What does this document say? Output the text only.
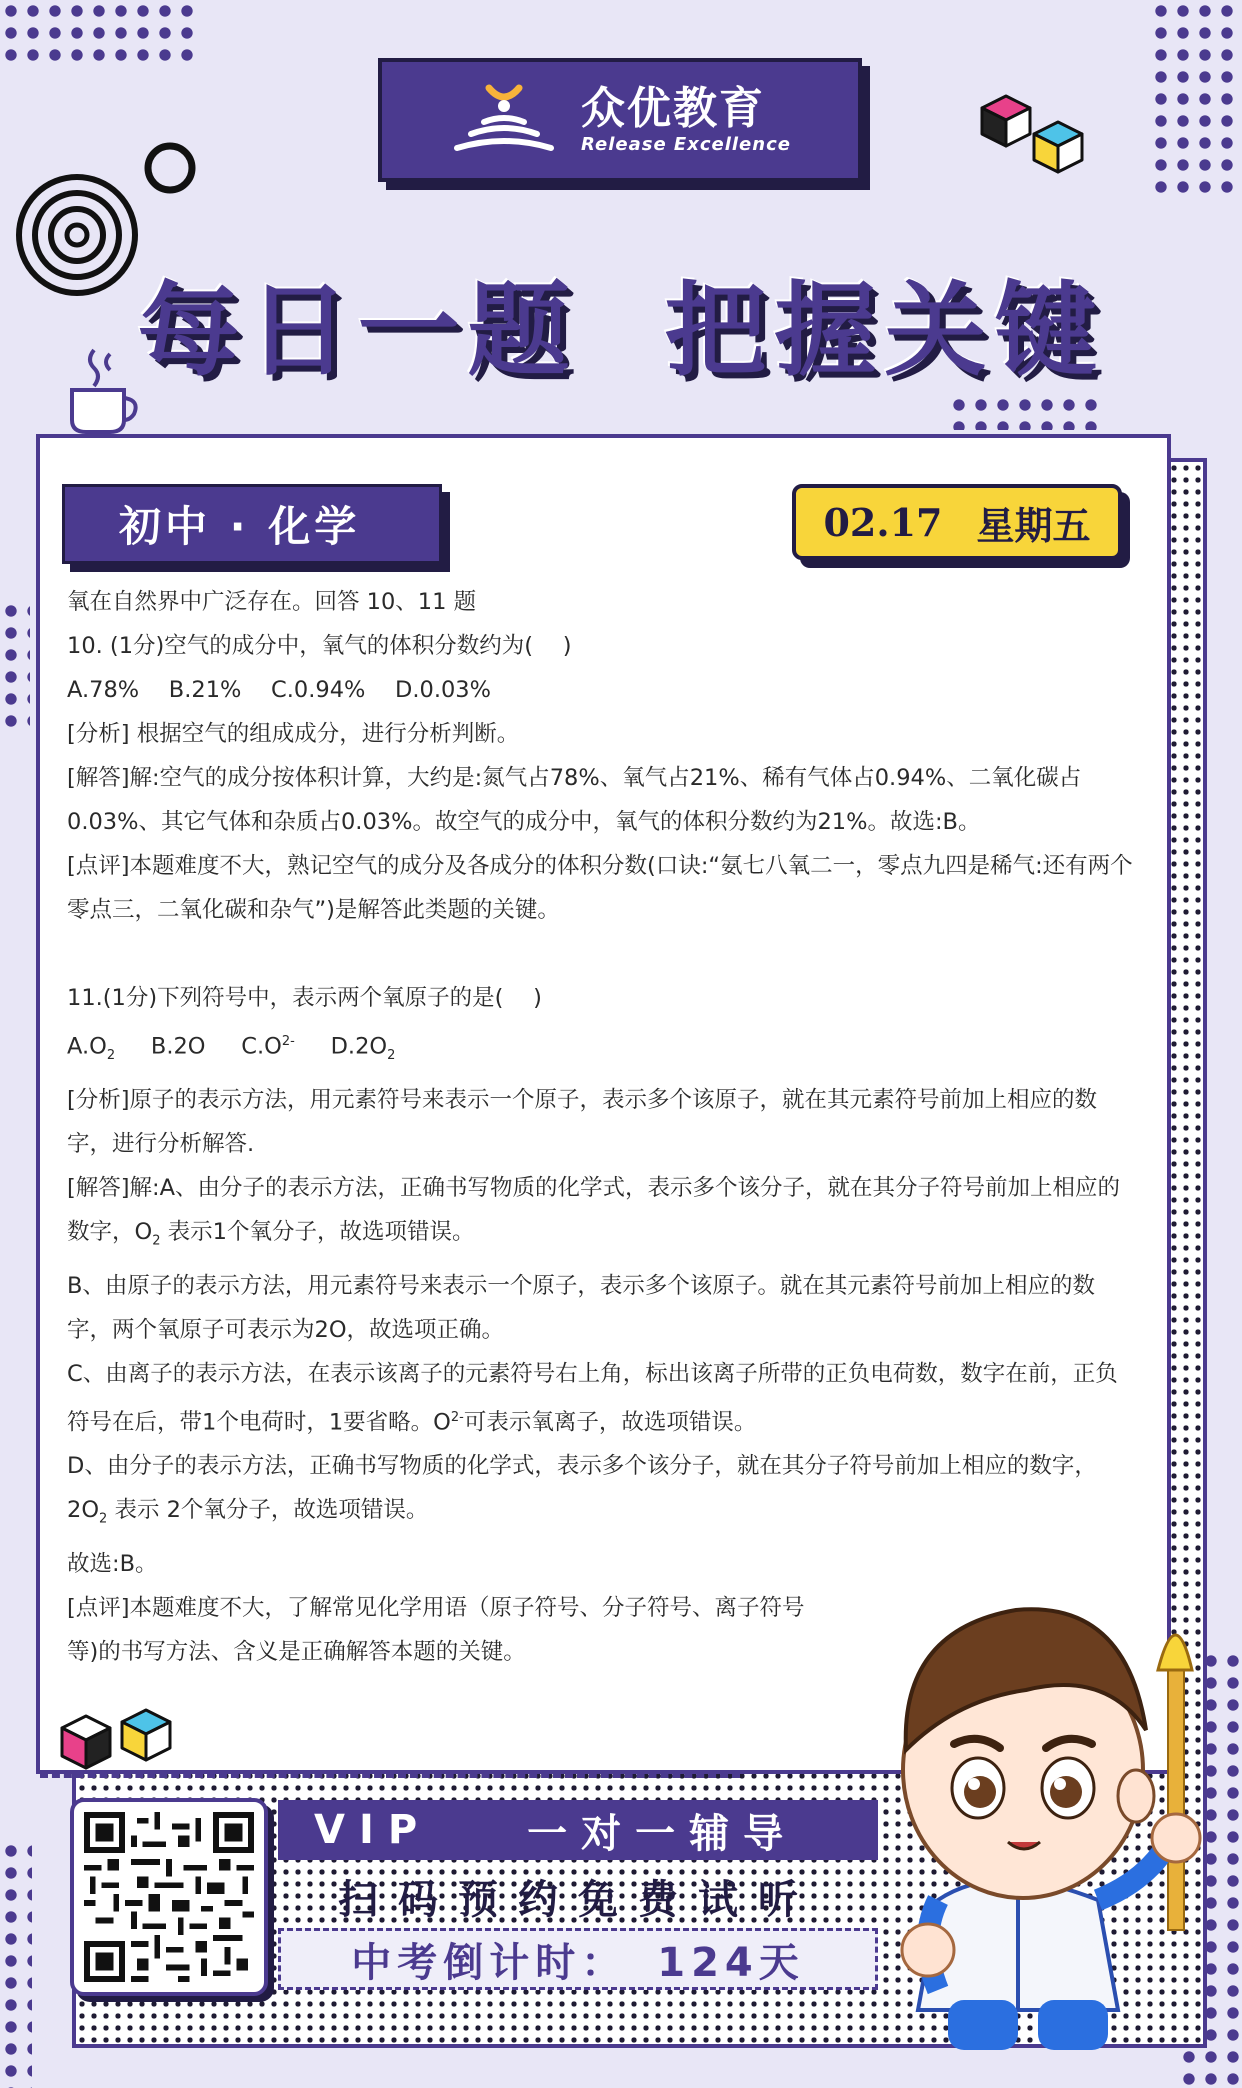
众优教育
Release Excellence
每日一题  把握关键
初中 · 化学	02.17 星期五

氧在自然界中广泛存在。回答 10、11 题

10. (1分)空气的成分中，氧气的体积分数约为(　 )

A.78%　 B.21%　 C.0.94%　 D.0.03%

[分析] 根据空气的组成成分，进行分析判断。

[解答]解:空气的成分按体积计算，大约是:氮气占78%、氧气占21%、稀有气体占0.94%、二氧化碳占0.03%、其它气体和杂质占0.03%。故空气的成分中，氧气的体积分数约为21%。故选:B。

[点评]本题难度不大，熟记空气的成分及各成分的体积分数(口诀:“氨七八氧二一，零点九四是稀气:还有两个零点三，二氧化碳和杂气”)是解答此类题的关键。

11.(1分)下列符号中，表示两个氧原子的是(　 )

$A.O_2$ B.2O $C.O^{2-}$ $D.2O_2$

[分析]原子的表示方法，用元素符号来表示一个原子，表示多个该原子，就在其元素符号前加上相应的数字，进行分析解答.

[解答]解:A、由分子的表示方法，正确书写物质的化学式，表示多个该分子，就在其分子符号前加上相应的数字，$O_2$ 表示1个氧分子，故选项错误。

B、由原子的表示方法，用元素符号来表示一个原子，表示多个该原子。就在其元素符号前加上相应的数字，两个氧原子可表示为2O，故选项正确。

C、由离子的表示方法，在表示该离子的元素符号右上角，标出该离子所带的正负电荷数，数字在前，正负符号在后，带1个电荷时，1要省略。$O^{2-}$可表示氧离子，故选项错误。

D、由分子的表示方法，正确书写物质的化学式，表示多个该分子，就在其分子符号前加上相应的数字，$2O_2$ 表示 2个氧分子，故选项错误。

故选:B。

[点评]本题难度不大，了解常见化学用语（原子符号、分子符号、离子符号

等)的书写方法、含义是正确解答本题的关键。

VIP 一对一辅导
扫码预约免费试听
中考倒计时： 124天
